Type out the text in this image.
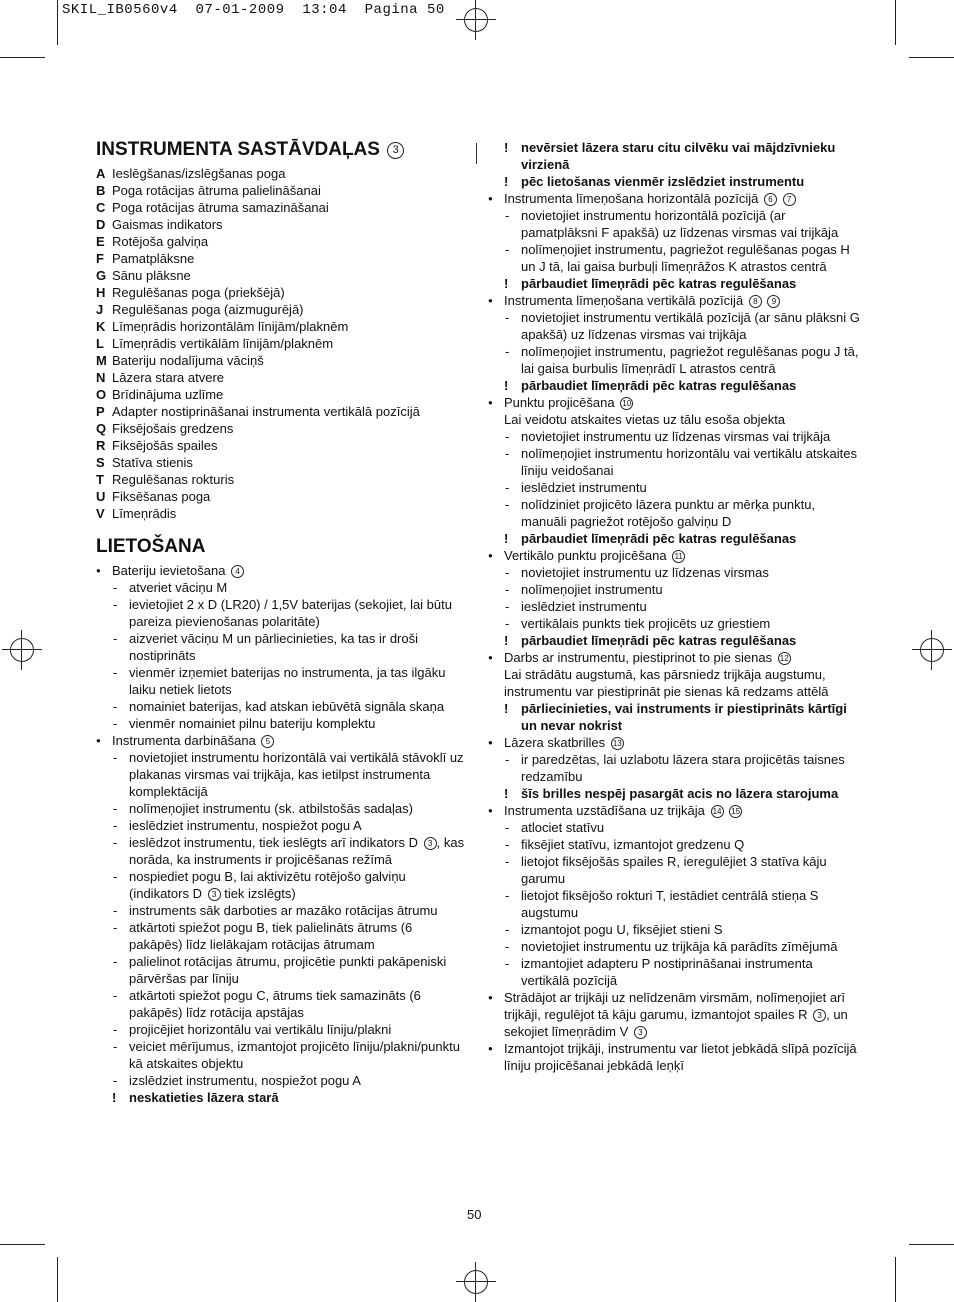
SKIL_IB0560v4  07-01-2009  13:04  Pagina 50
INSTRUMENTA SASTĀVDAĻAS 3
A Ieslēgšanas/izslēgšanas poga
B Poga rotācijas ātruma palielināšanai
C Poga rotācijas ātruma samazināšanai
D Gaismas indikators
E Rotējoša galviņa
F Pamatplāksne
G Sānu plāksne
H Regulēšanas poga (priekšējā)
J Regulēšanas poga (aizmugurējā)
K Līmeņrādis horizontālām līnijām/plaknēm
L Līmeņrādis vertikālām līnijām/plaknēm
M Bateriju nodalījuma vāciņš
N Lāzera stara atvere
O Brīdinājuma uzlīme
P Adapter nostiprināšanai instrumenta vertikālā pozīcijā
Q Fiksējošais gredzens
R Fiksējošās spailes
S Statīva stienis
T Regulēšanas rokturis
U Fiksēšanas poga
V Līmeņrādis
LIETOŠANA
● Bateriju ievietošana 4
- atveriet vāciņu M
- ievietojiet 2 x D (LR20) / 1,5V baterijas (sekojiet, lai būtu pareiza pievienošanas polaritāte)
- aizveriet vāciņu M un pārliecinieties, ka tas ir droši nostiprināts
- vienmēr izņemiet baterijas no instrumenta, ja tas ilgāku laiku netiek lietots
- nomainiet baterijas, kad atskan iebūvētā signāla skaņa
- vienmēr nomainiet pilnu bateriju komplektu
● Instrumenta darbināšana 5
- novietojiet instrumentu horizontālā vai vertikālā stāvoklī uz plakanas virsmas vai trijkāja, kas ietilpst instrumenta komplektācijā
- nolīmeņojiet instrumentu (sk. atbilstošās sadaļas)
- ieslēdziet instrumentu, nospiežot pogu A
- ieslēdzot instrumentu, tiek ieslēgts arī indikators D 3 , kas norāda, ka instruments ir projicēšanas režīmā
- nospiediet pogu B, lai aktivizētu rotējošo galviņu (indikators D 3 tiek izslēgts)
- instruments sāk darboties ar mazāko rotācijas ātrumu
- atkārtoti spiežot pogu B, tiek palielināts ātrums (6 pakāpēs) līdz lielākajam rotācijas ātrumam
- palielinot rotācijas ātrumu, projicētie punkti pakāpeniski pārvēršas par līniju
- atkārtoti spiežot pogu C, ātrums tiek samazināts (6 pakāpēs) līdz rotācija apstājas
- projicējiet horizontālu vai vertikālu līniju/plakni
- veiciet mērījumus, izmantojot projicēto līniju/plakni/punktu kā atskaites objektu
- izslēdziet instrumentu, nospiežot pogu A
! neskatieties lāzera starā
! nevērsiet lāzera staru citu cilvēku vai mājdzīvnieku virzienā
! pēc lietošanas vienmēr izslēdziet instrumentu
● Instrumenta līmeņošana horizontālā pozīcijā 6 7
- novietojiet instrumentu horizontālā pozīcijā (ar pamatplāksni F apakšā) uz līdzenas virsmas vai trijkāja
- nolīmeņojiet instrumentu, pagriežot regulēšanas pogas H un J tā, lai gaisa burbuļi līmeņrāžos K atrastos centrā
! pārbaudiet līmeņrādi pēc katras regulēšanas
● Instrumenta līmeņošana vertikālā pozīcijā 8 9
- novietojiet instrumentu vertikālā pozīcijā (ar sānu plāksni G apakšā) uz līdzenas virsmas vai trijkāja
- nolīmeņojiet instrumentu, pagriežot regulēšanas pogu J tā, lai gaisa burbulis līmeņrādī L atrastos centrā
! pārbaudiet līmeņrādi pēc katras regulēšanas
● Punktu projicēšana 10
Lai veidotu atskaites vietas uz tālu esoša objekta
- novietojiet instrumentu uz līdzenas virsmas vai trijkāja
- nolīmeņojiet instrumentu horizontālu vai vertikālu atskaites līniju veidošanai
- ieslēdziet instrumentu
- nolīdziniet projicēto lāzera punktu ar mērķa punktu, manuāli pagriežot rotējošo galviņu D
! pārbaudiet līmeņrādi pēc katras regulēšanas
● Vertikālo punktu projicēšana 11
- novietojiet instrumentu uz līdzenas virsmas
- nolīmeņojiet instrumentu
- ieslēdziet instrumentu
- vertikālais punkts tiek projicēts uz griestiem
! pārbaudiet līmeņrādi pēc katras regulēšanas
● Darbs ar instrumentu, piestiprinot to pie sienas 12
Lai strādātu augstumā, kas pārsniedz trijkāja augstumu, instrumentu var piestiprināt pie sienas kā redzams attēlā
! pārliecinieties, vai instruments ir piestiprināts kārtīgi un nevar nokrist
● Lāzera skatbrilles 13
- ir paredzētas, lai uzlabotu lāzera stara projicētās taisnes redzamību
! šīs brilles nespēj pasargāt acis no lāzera starojuma
● Instrumenta uzstādīšana uz trijkāja 14 15
- atlociet statīvu
- fiksējiet statīvu, izmantojot gredzenu Q
- lietojot fiksējošās spailes R, ieregulējiet 3 statīva kāju garumu
- lietojot fiksējošo rokturi T, iestādiet centrālā stieņa S augstumu
- izmantojot pogu U, fiksējiet stieni S
- novietojiet instrumentu uz trijkāja kā parādīts zīmējumā
- izmantojiet adapteru P nostiprināšanai instrumenta vertikālā pozīcijā
● Strādājot ar trijkāji uz nelīdzenām virsmām, nolīmeņojiet arī trijkāji, regulējot tā kāju garumu, izmantojot spailes R 3 , un sekojiet līmeņrādim V 3
● Izmantojot trijkāji, instrumentu var lietot jebkādā slīpā pozīcijā līniju projicēšanai jebkādā leņķī
50
